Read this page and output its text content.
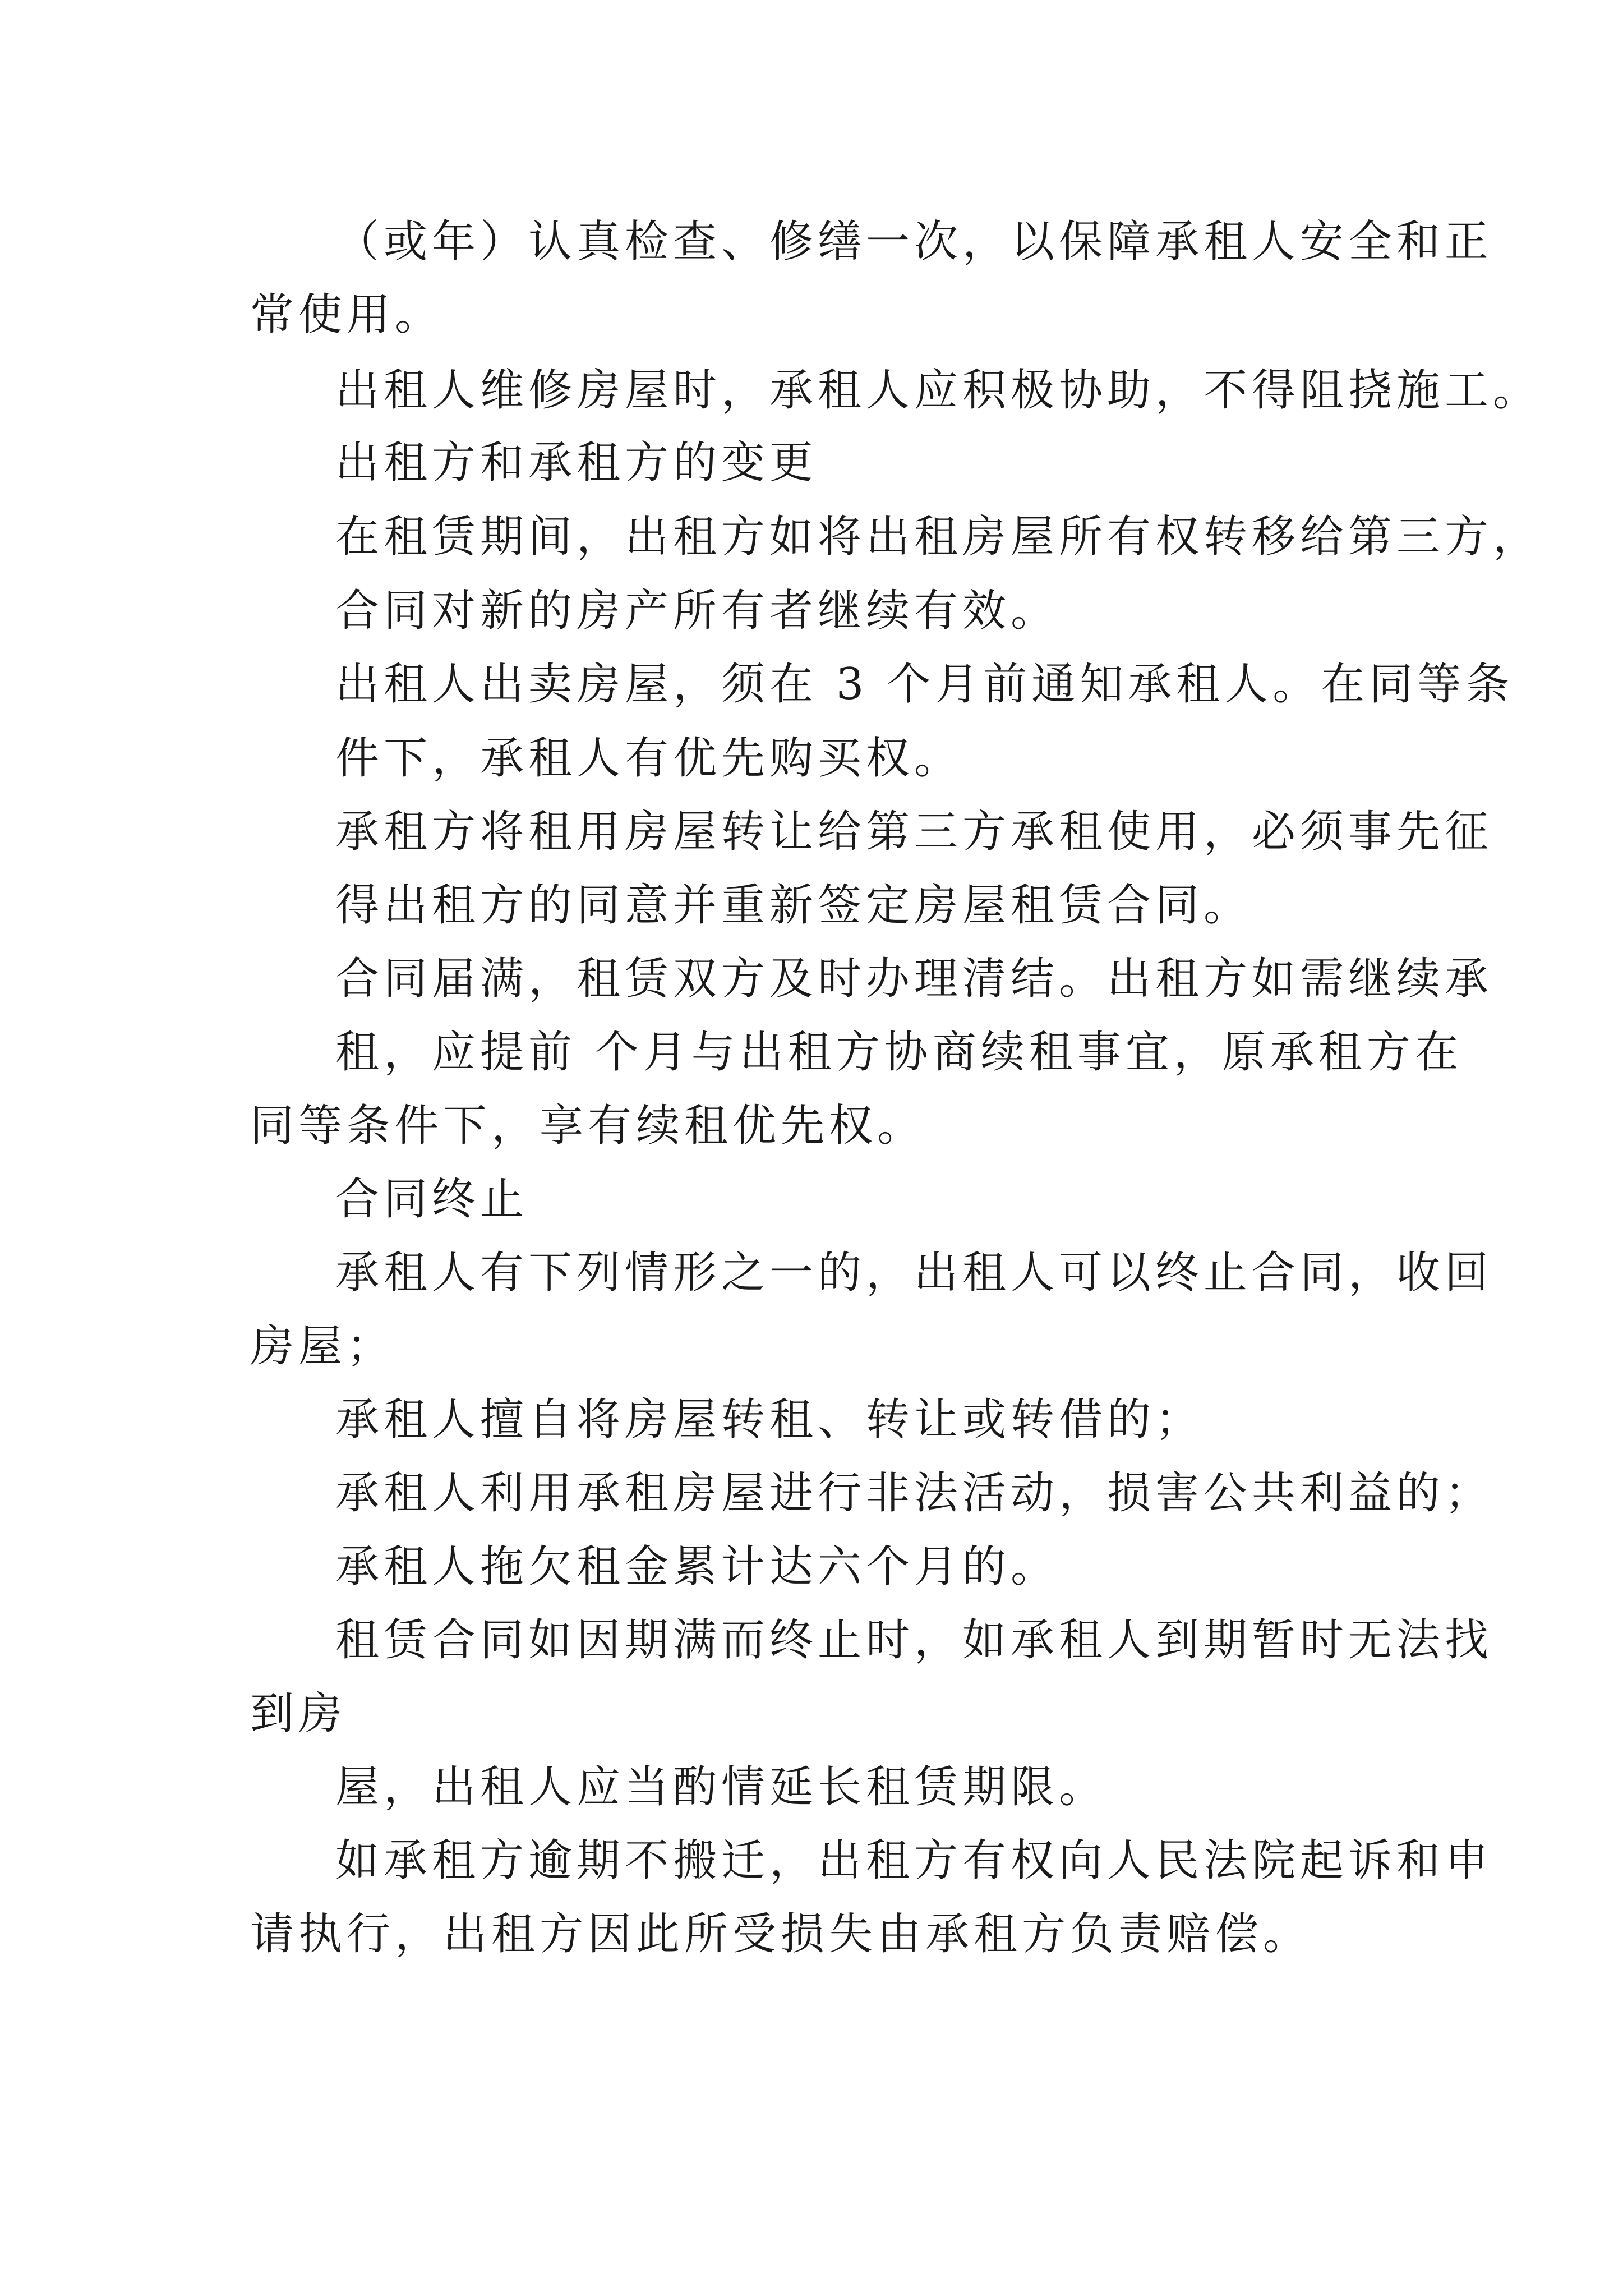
（或年）认真检查、修缮一次，以保障承租人安全和正

常使用。

出租人维修房屋时，承租人应积极协助，不得阻挠施工。

出租方和承租方的变更

在租赁期间，出租方如将出租房屋所有权转移给第三方，

合同对新的房产所有者继续有效。

出租人出卖房屋，须在 3 个月前通知承租人。在同等条

件下，承租人有优先购买权。

承租方将租用房屋转让给第三方承租使用，必须事先征

得出租方的同意并重新签定房屋租赁合同。

合同届满，租赁双方及时办理清结。出租方如需继续承

租，应提前 个月与出租方协商续租事宜，原承租方在

同等条件下，享有续租优先权。

合同终止

承租人有下列情形之一的，出租人可以终止合同，收回

房屋；

承租人擅自将房屋转租、转让或转借的；

承租人利用承租房屋进行非法活动，损害公共利益的；

承租人拖欠租金累计达六个月的。

租赁合同如因期满而终止时，如承租人到期暂时无法找

到房

屋，出租人应当酌情延长租赁期限。

如承租方逾期不搬迁，出租方有权向人民法院起诉和申

请执行，出租方因此所受损失由承租方负责赔偿。
